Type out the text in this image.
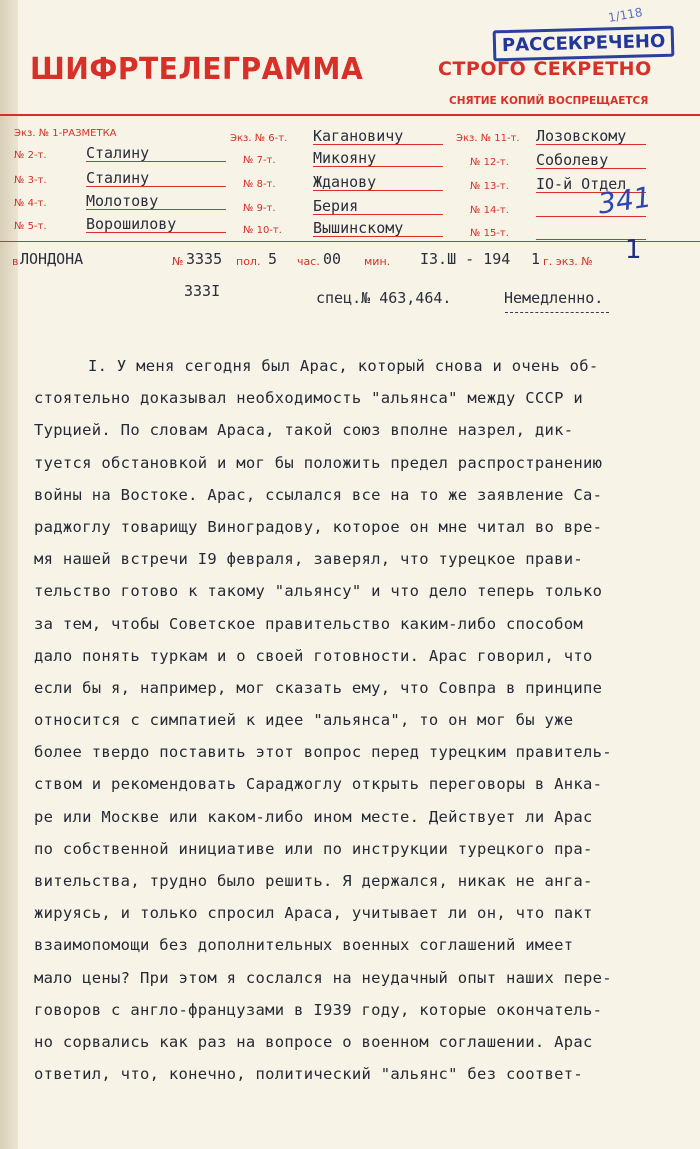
ШИФРТЕЛЕГРАММА	СТРОГО СЕКРЕТНО
СНЯТИЕ КОПИЙ ВОСПРЕЩАЕТСЯ
РАССЕКРЕЧЕНО
1/118
Экз. № 1-РАЗМЕТКА
№ 2-т.	Сталину
№ 3-т.	Сталину
№ 4-т.	Молотову
№ 5-т.	Ворошилову
Экз. № 6-т. Кагановичу
№ 7-т. Микояну
№ 8-т. Жданову
№ 9-т. Берия
№ 10-т. Вышинскому
Экз. № 11-т. Лозовскому
№ 12-т. Соболеву
№ 13-т. IO-й Отдел
№ 14-т.
№ 15-т.
341
в ЛОНДОНА	№ 3335 пол. 5 час. 00 мин. I3.Ш - 194 1 г. экз. № 1
333I	спец.№ 463,464.	Немедленно.
I. У меня сегодня был Арас, который снова и очень об-
стоятельно доказывал необходимость "альянса" между СССР и
Турцией. По словам Араса, такой союз вполне назрел, дик-
туется обстановкой и мог бы положить предел распространению
войны на Востоке. Арас, ссылался все на то же заявление Са-
раджоглу товарищу Виноградову, которое он мне читал во вре-
мя нашей встречи I9 февраля, заверял, что турецкое прави-
тельство готово к такому "альянсу" и что дело теперь только
за тем, чтобы Советское правительство каким-либо способом
дало понять туркам и о своей готовности. Арас говорил, что
если бы я, например, мог сказать ему, что Совпра в принципе
относится с симпатией к идее "альянса", то он мог бы уже
более твердо поставить этот вопрос перед турецким правитель-
ством и рекомендовать Сараджоглу открыть переговоры в Анка-
ре или Москве или каком-либо ином месте. Действует ли Арас
по собственной инициативе или по инструкции турецкого пра-
вительства, трудно было решить. Я держался, никак не анга-
жируясь, и только спросил Араса, учитывает ли он, что пакт
взаимопомощи без дополнительных военных соглашений имеет
мало цены? При этом я сослался на неудачный опыт наших пере-
говоров с англо-французами в I939 году, которые окончатель-
но сорвались как раз на вопросе о военном соглашении. Арас
ответил, что, конечно, политический "альянс" без соответ-
